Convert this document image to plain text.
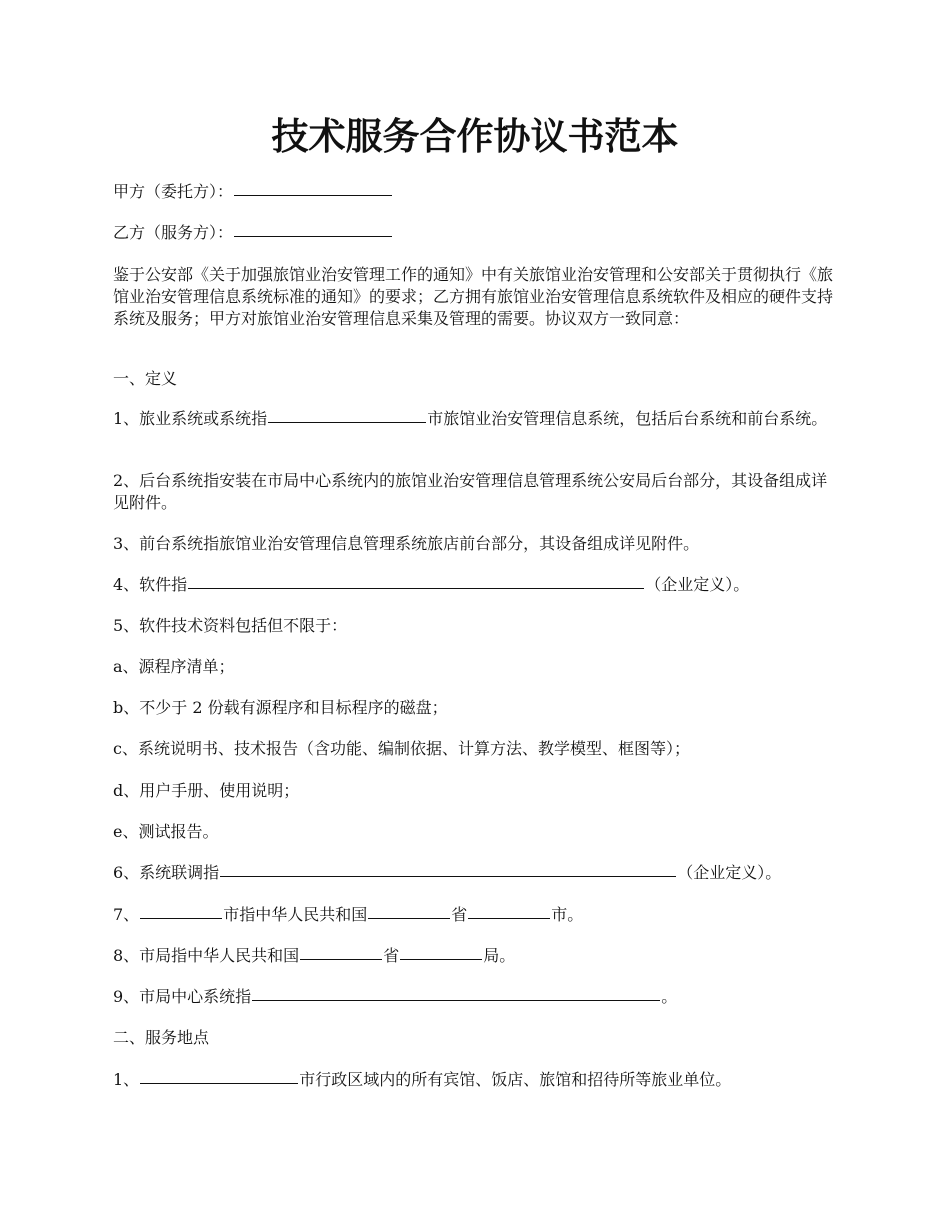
技术服务合作协议书范本

甲方（委托方）：

乙方（服务方）：

鉴于公安部《关于加强旅馆业治安管理工作的通知》中有关旅馆业治安管理和公安部关于贯彻执行《旅馆业治安管理信息系统标准的通知》的要求；乙方拥有旅馆业治安管理信息系统软件及相应的硬件支持系统及服务；甲方对旅馆业治安管理信息采集及管理的需要。协议双方一致同意：

一、定义

1、旅业系统或系统指	市旅馆业治安管理信息系统，包括后台系统和前台系统。

2、后台系统指安装在市局中心系统内的旅馆业治安管理信息管理系统公安局后台部分，其设备组成详见附件。

3、前台系统指旅馆业治安管理信息管理系统旅店前台部分，其设备组成详见附件。

4、软件指	（企业定义）。

5、软件技术资料包括但不限于：

a、源程序清单；

b、不少于 2 份载有源程序和目标程序的磁盘；

c、系统说明书、技术报告（含功能、编制依据、计算方法、教学模型、框图等）；

d、用户手册、使用说明；

e、测试报告。

6、系统联调指	（企业定义）。

7、	市指中华人民共和国	省	市。

8、市局指中华人民共和国	省	局。

9、市局中心系统指	。

二、服务地点

1、	市行政区域内的所有宾馆、饭店、旅馆和招待所等旅业单位。
